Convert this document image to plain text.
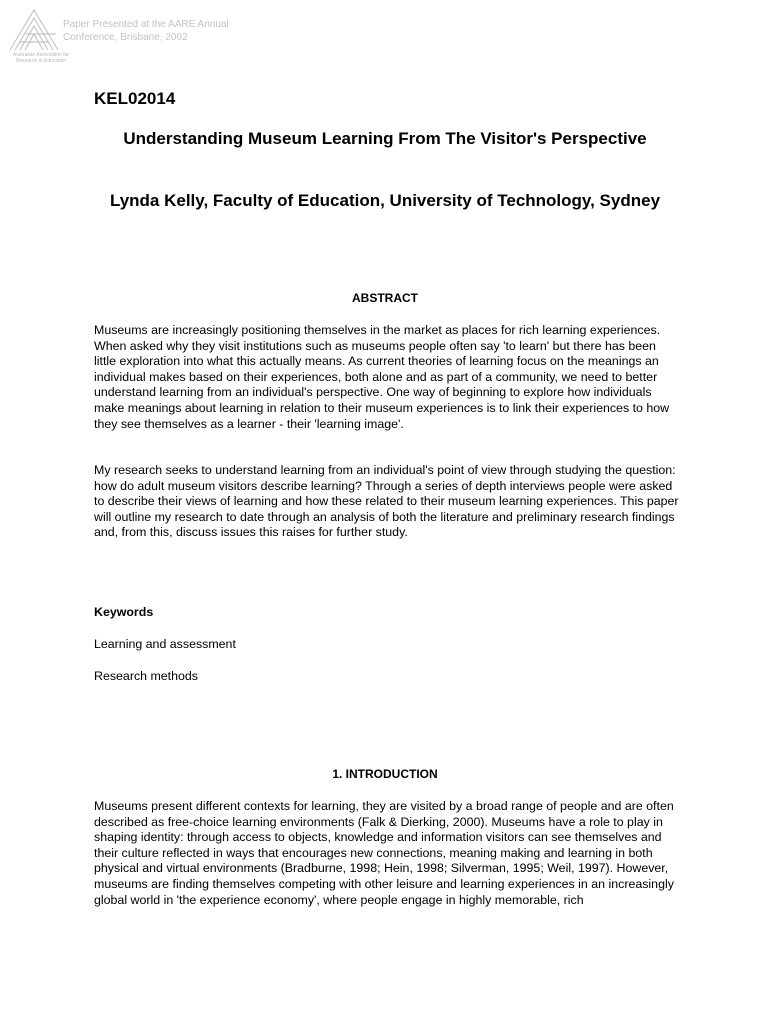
Australian Association for Research in Education
Paper Presented at the AARE Annual
Conference, Brisbane, 2002
KEL02014
Understanding Museum Learning From The Visitor's Perspective
Lynda Kelly, Faculty of Education, University of Technology, Sydney
ABSTRACT

Museums are increasingly positioning themselves in the market as places for rich learning experiences. When asked why they visit institutions such as museums people often say 'to learn' but there has been little exploration into what this actually means. As current theories of learning focus on the meanings an individual makes based on their experiences, both alone and as part of a community, we need to better understand learning from an individual's perspective. One way of beginning to explore how individuals make meanings about learning in relation to their museum experiences is to link their experiences to how they see themselves as a learner - their 'learning image'.

My research seeks to understand learning from an individual's point of view through studying the question: how do adult museum visitors describe learning? Through a series of depth interviews people were asked to describe their views of learning and how these related to their museum learning experiences. This paper will outline my research to date through an analysis of both the literature and preliminary research findings and, from this, discuss issues this raises for further study.

Keywords

Learning and assessment

Research methods

1. INTRODUCTION

Museums present different contexts for learning, they are visited by a broad range of people and are often described as free-choice learning environments (Falk & Dierking, 2000). Museums have a role to play in shaping identity: through access to objects, knowledge and information visitors can see themselves and their culture reflected in ways that encourages new connections, meaning making and learning in both physical and virtual environments (Bradburne, 1998; Hein, 1998; Silverman, 1995; Weil, 1997). However, museums are finding themselves competing with other leisure and learning experiences in an increasingly global world in 'the experience economy', where people engage in highly memorable, rich
